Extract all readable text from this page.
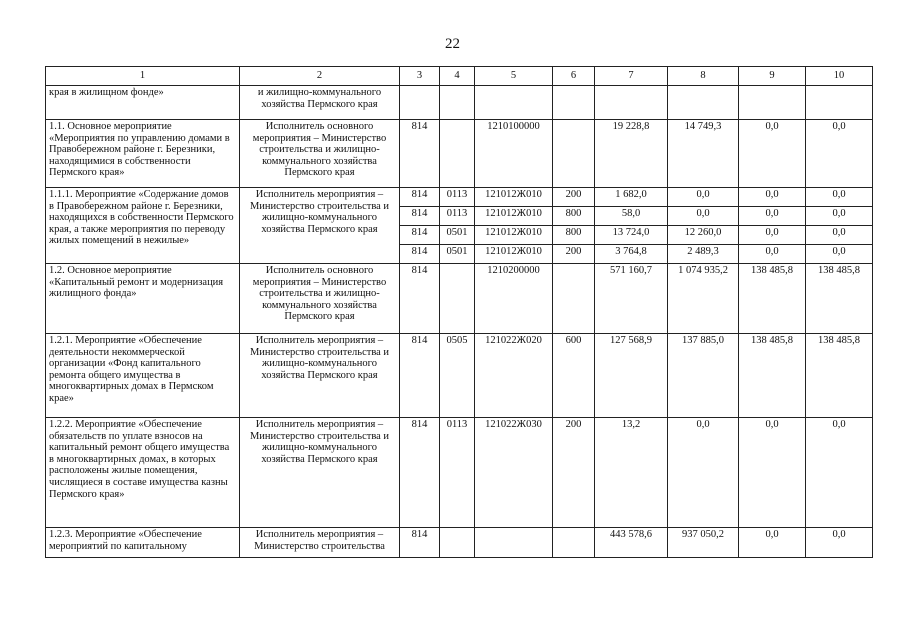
22
1	2	3	4	5	6	7	8	9	10
края в жилищном фонде»	и жилищно-коммунального хозяйства Пермского края								
1.1. Основное мероприятие «Мероприятия по управлению домами в Правобережном районе г. Березники, находящимися в собственности Пермского края»	Исполнитель основного мероприятия – Министерство строительства и жилищно-коммунального хозяйства Пермского края	814		1210100000		19 228,8	14 749,3	0,0	0,0
1.1.1. Мероприятие «Содержание домов в Правобережном районе г. Березники, находящихся в собственности Пермского края, а также мероприятия по переводу жилых помещений в нежилые»	Исполнитель мероприятия – Министерство строительства и жилищно-коммунального хозяйства Пермского края	814	0113	121012Ж010	200	1 682,0	0,0	0,0	0,0
		814	0113	121012Ж010	800	58,0	0,0	0,0	0,0
		814	0501	121012Ж010	800	13 724,0	12 260,0	0,0	0,0
		814	0501	121012Ж010	200	3 764,8	2 489,3	0,0	0,0
1.2. Основное мероприятие «Капитальный ремонт и модернизация жилищного фонда»	Исполнитель основного мероприятия – Министерство строительства и жилищно-коммунального хозяйства Пермского края	814		1210200000		571 160,7	1 074 935,2	138 485,8	138 485,8
1.2.1. Мероприятие «Обеспечение деятельности некоммерческой организации «Фонд капитального ремонта общего имущества в многоквартирных домах в Пермском крае»	Исполнитель мероприятия – Министерство строительства и жилищно-коммунального хозяйства Пермского края	814	0505	121022Ж020	600	127 568,9	137 885,0	138 485,8	138 485,8
1.2.2. Мероприятие «Обеспечение обязательств по уплате взносов на капитальный ремонт общего имущества в многоквартирных домах, в которых расположены жилые помещения, числящиеся в составе имущества казны Пермского края»	Исполнитель мероприятия – Министерство строительства и жилищно-коммунального хозяйства Пермского края	814	0113	121022Ж030	200	13,2	0,0	0,0	0,0
1.2.3. Мероприятие «Обеспечение мероприятий по капитальному	Исполнитель мероприятия – Министерство строительства	814				443 578,6	937 050,2	0,0	0,0
